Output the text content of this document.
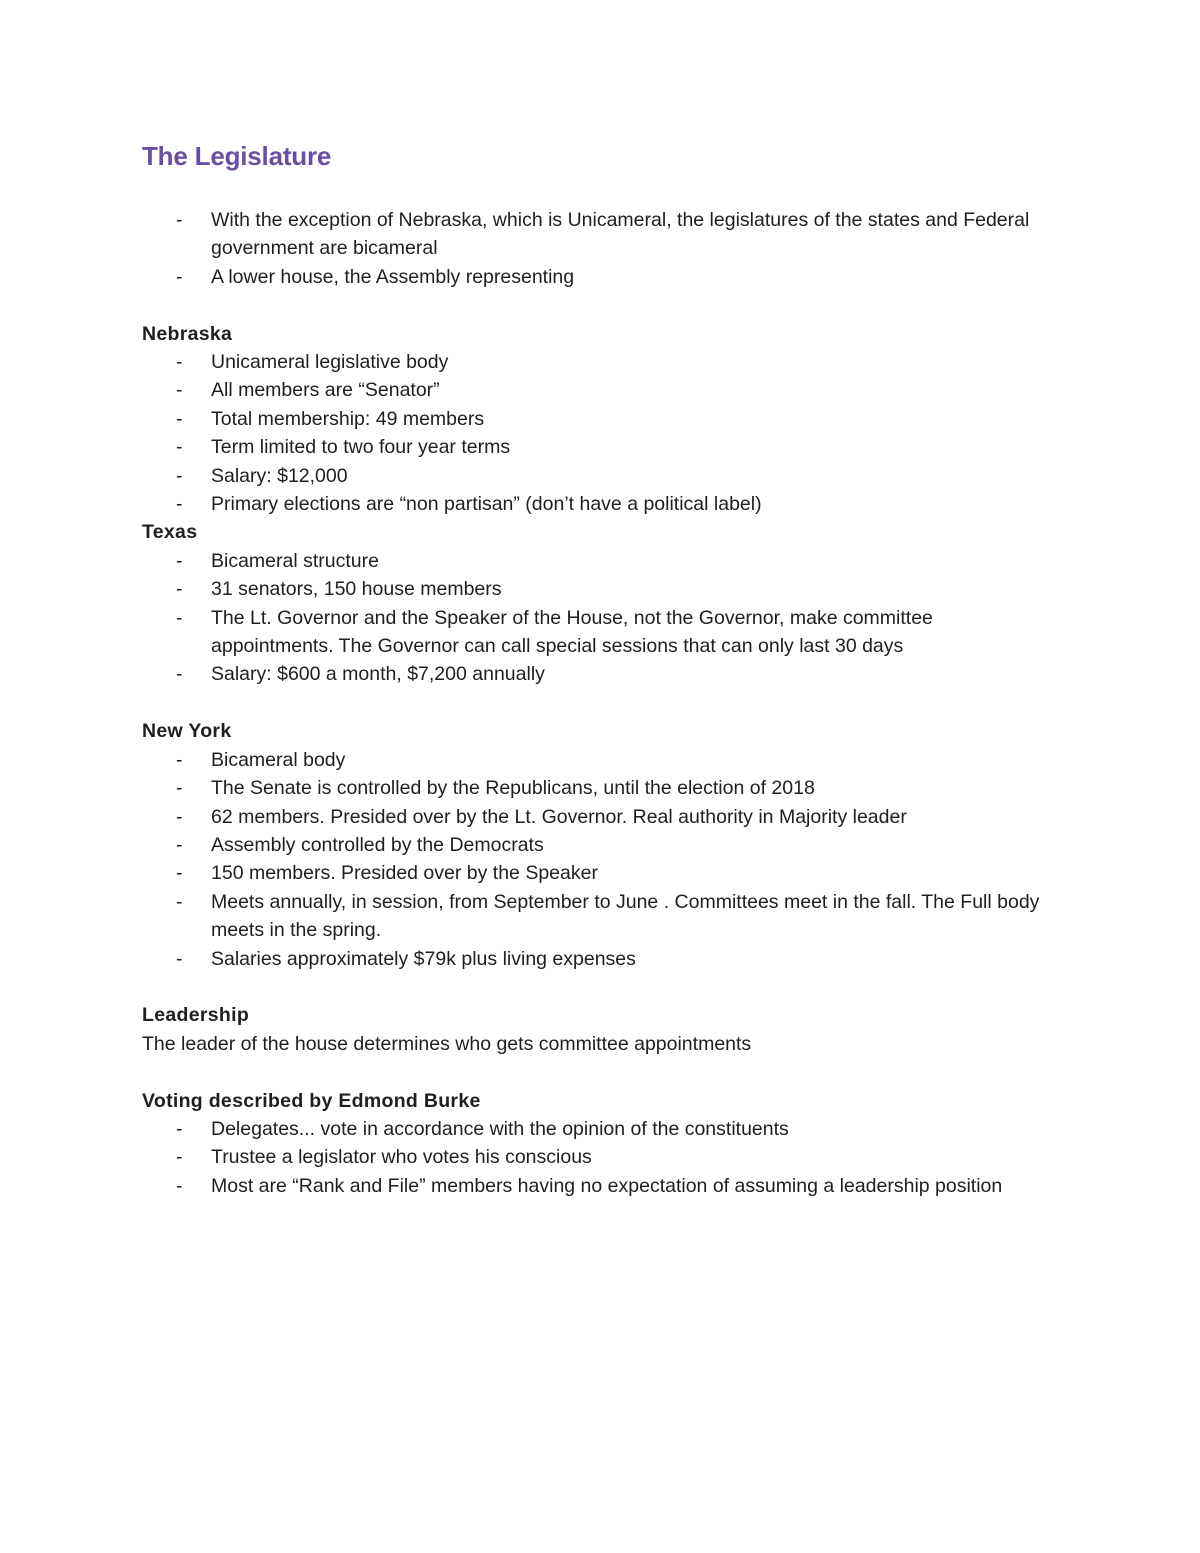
The Legislature
- With the exception of Nebraska, which is Unicameral, the legislatures of the states and Federal government are bicameral
- A lower house, the Assembly representing
Nebraska
- Unicameral legislative body
- All members are “Senator”
- Total membership: 49 members
- Term limited to two four year terms
- Salary: $12,000
- Primary elections are “non partisan” (don’t have a political label)
Texas
- Bicameral structure
- 31 senators, 150 house members
- The Lt. Governor and the Speaker of the House, not the Governor, make committee appointments. The Governor can call special sessions that can only last 30 days
- Salary: $600 a month, $7,200 annually
New York
- Bicameral body
- The Senate is controlled by the Republicans, until the election of 2018
- 62 members. Presided over by the Lt. Governor. Real authority in Majority leader
- Assembly controlled by the Democrats
- 150 members. Presided over by the Speaker
- Meets annually, in session, from September to June . Committees meet in the fall. The Full body meets in the spring.
- Salaries approximately $79k plus living expenses
Leadership

The leader of the house determines who gets committee appointments

Voting described by Edmond Burke
- Delegates... vote in accordance with the opinion of the constituents
- Trustee a legislator who votes his conscious
- Most are “Rank and File” members having no expectation of assuming a leadership position
